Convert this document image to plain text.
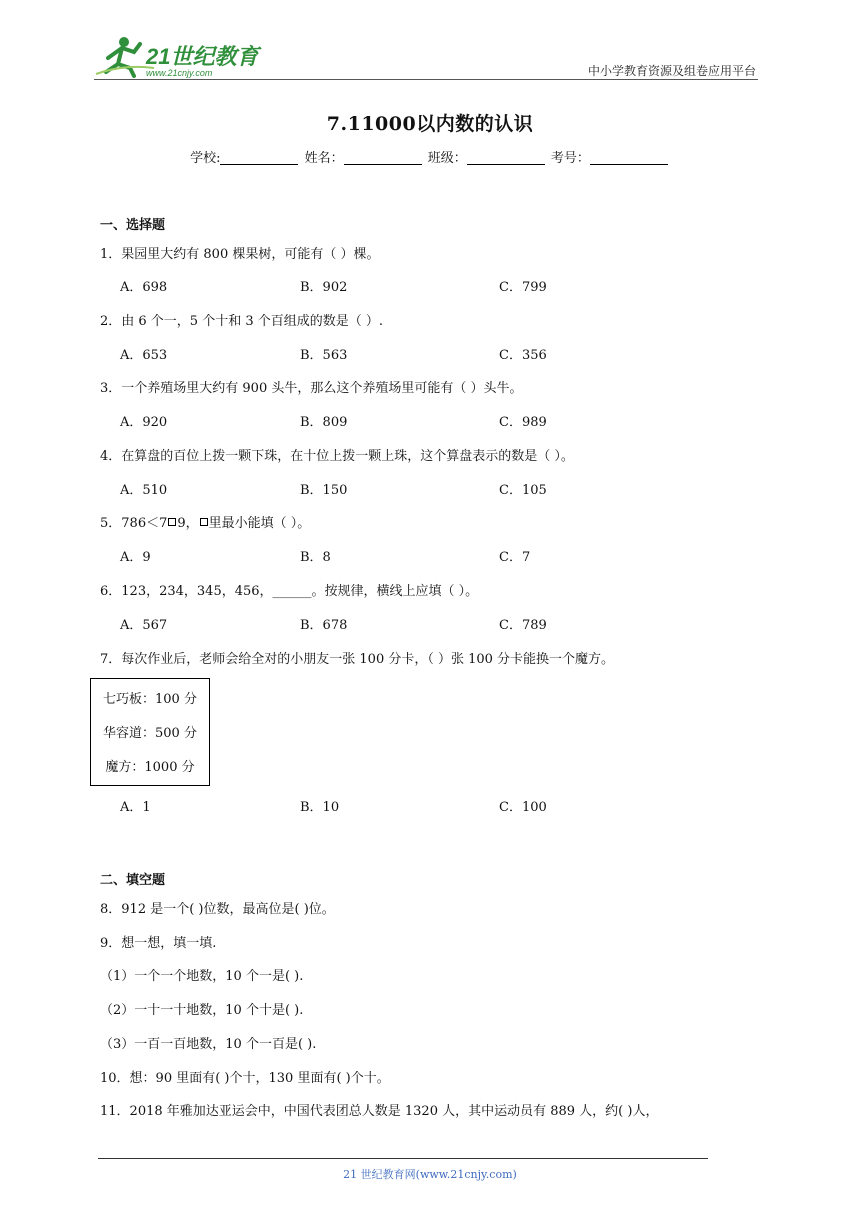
21世纪教育
www.21cnjy.com	中小学教育资源及组卷应用平台
7.11000以内数的认识
学校:	姓名：	班级：	考号：
一、选择题
1．果园里大约有 800 棵果树，可能有（ ）棵。
A．698	B．902	C．799
2．由 6 个一，5 个十和 3 个百组成的数是（ ）.
A．653	B．563	C．356
3．一个养殖场里大约有 900 头牛，那么这个养殖场里可能有（ ）头牛。
A．920	B．809	C．989
4．在算盘的百位上拨一颗下珠，在十位上拨一颗上珠，这个算盘表示的数是（ ）。
A．510	B．150	C．105
5．786＜7 9， 里最小能填（ ）。
A．9	B．8	C．7
6．123，234，345，456，______。按规律，横线上应填（ ）。
A．567	B．678	C．789
7．每次作业后，老师会给全对的小朋友一张 100 分卡，（ ）张 100 分卡能换一个魔方。
七巧板：100 分
华容道：500 分
魔方：1000 分
A．1	B．10	C．100
二、填空题
8．912 是一个( )位数，最高位是( )位。
9．想一想，填一填.
（1）一个一个地数，10 个一是( ).
（2）一十一十地数，10 个十是( ).
（3）一百一百地数，10 个一百是( ).
10．想：90 里面有( )个十，130 里面有( )个十。
11．2018 年雅加达亚运会中，中国代表团总人数是 1320 人，其中运动员有 889 人，约( )人，
21 世纪教育网(www.21cnjy.com)
